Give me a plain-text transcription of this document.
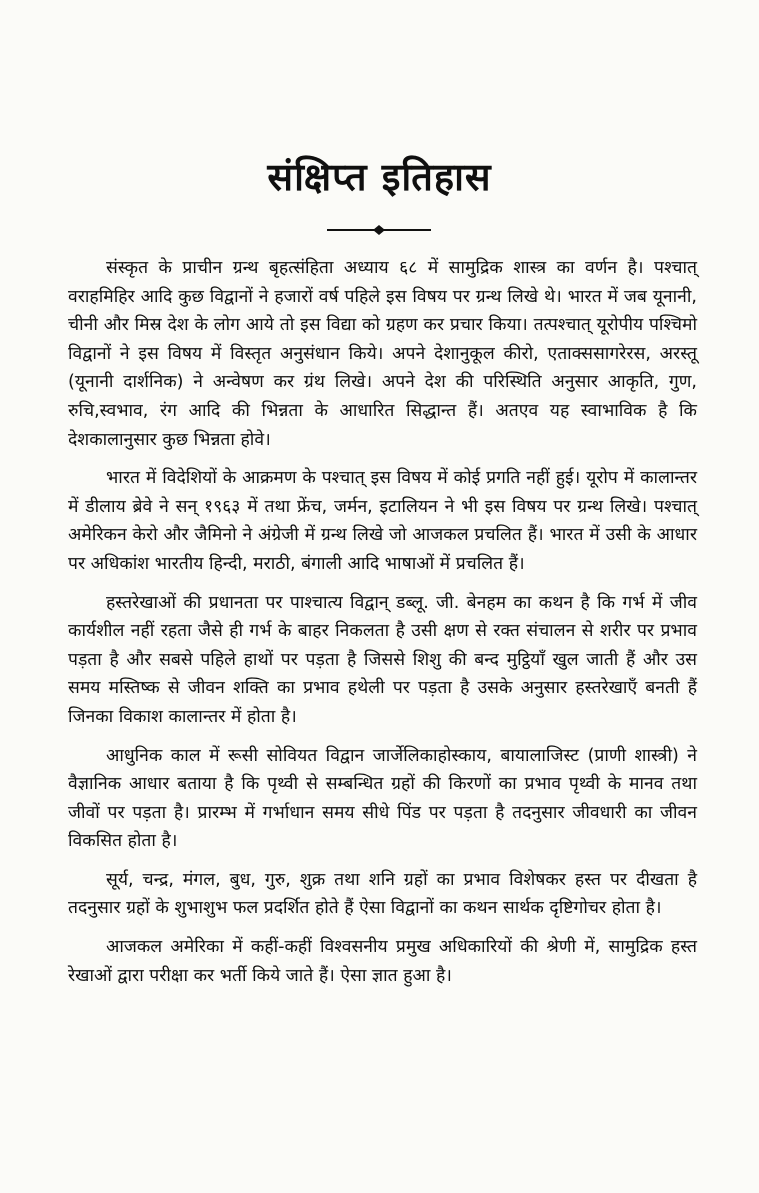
संक्षिप्त इतिहास

संस्कृत के प्राचीन ग्रन्थ बृहत्संहिता अध्याय ६८ में सामुद्रिक शास्त्र का वर्णन है। पश्चात् वराहमिहिर आदि कुछ विद्वानों ने हजारों वर्ष पहिले इस विषय पर ग्रन्थ लिखे थे। भारत में जब यूनानी, चीनी और मिस्र देश के लोग आये तो इस विद्या को ग्रहण कर प्रचार किया। तत्पश्चात् यूरोपीय पश्चिमो विद्वानों ने इस विषय में विस्तृत अनुसंधान किये। अपने देशानुकूल कीरो, एताक्ससागरेरस, अरस्तू (यूनानी दार्शनिक) ने अन्वेषण कर ग्रंथ लिखे। अपने देश की परिस्थिति अनुसार आकृति, गुण, रुचि,स्वभाव, रंग आदि की भिन्नता के आधारित सिद्धान्त हैं। अतएव यह स्वाभाविक है कि देशकालानुसार कुछ भिन्नता होवे।

भारत में विदेशियों के आक्रमण के पश्चात् इस विषय में कोई प्रगति नहीं हुई। यूरोप में कालान्तर में डीलाय ब्रेवे ने सन् १९६३ में तथा फ्रेंच, जर्मन, इटालियन ने भी इस विषय पर ग्रन्थ लिखे। पश्चात् अमेरिकन केरो और जैमिनो ने अंग्रेजी में ग्रन्थ लिखे जो आजकल प्रचलित हैं। भारत में उसी के आधार पर अधिकांश भारतीय हिन्दी, मराठी, बंगाली आदि भाषाओं में प्रचलित हैं।

हस्तरेखाओं की प्रधानता पर पाश्चात्य विद्वान् डब्लू. जी. बेनहम का कथन है कि गर्भ में जीव कार्यशील नहीं रहता जैसे ही गर्भ के बाहर निकलता है उसी क्षण से रक्त संचालन से शरीर पर प्रभाव पड़ता है और सबसे पहिले हाथों पर पड़ता है जिससे शिशु की बन्द मुट्ठियाँ खुल जाती हैं और उस समय मस्तिष्क से जीवन शक्ति का प्रभाव हथेली पर पड़ता है उसके अनुसार हस्तरेखाएँ बनती हैं जिनका विकाश कालान्तर में होता है।

आधुनिक काल में रूसी सोवियत विद्वान जार्जेलिकाहोस्काय, बायालाजिस्ट (प्राणी शास्त्री) ने वैज्ञानिक आधार बताया है कि पृथ्वी से सम्बन्धित ग्रहों की किरणों का प्रभाव पृथ्वी के मानव तथा जीवों पर पड़ता है। प्रारम्भ में गर्भाधान समय सीधे पिंड पर पड़ता है तदनुसार जीवधारी का जीवन विकसित होता है।

सूर्य, चन्द्र, मंगल, बुध, गुरु, शुक्र तथा शनि ग्रहों का प्रभाव विशेषकर हस्त पर दीखता है तदनुसार ग्रहों के शुभाशुभ फल प्रदर्शित होते हैं ऐसा विद्वानों का कथन सार्थक दृष्टिगोचर होता है।

आजकल अमेरिका में कहीं-कहीं विश्वसनीय प्रमुख अधिकारियों की श्रेणी में, सामुद्रिक हस्त रेखाओं द्वारा परीक्षा कर भर्ती किये जाते हैं। ऐसा ज्ञात हुआ है।
